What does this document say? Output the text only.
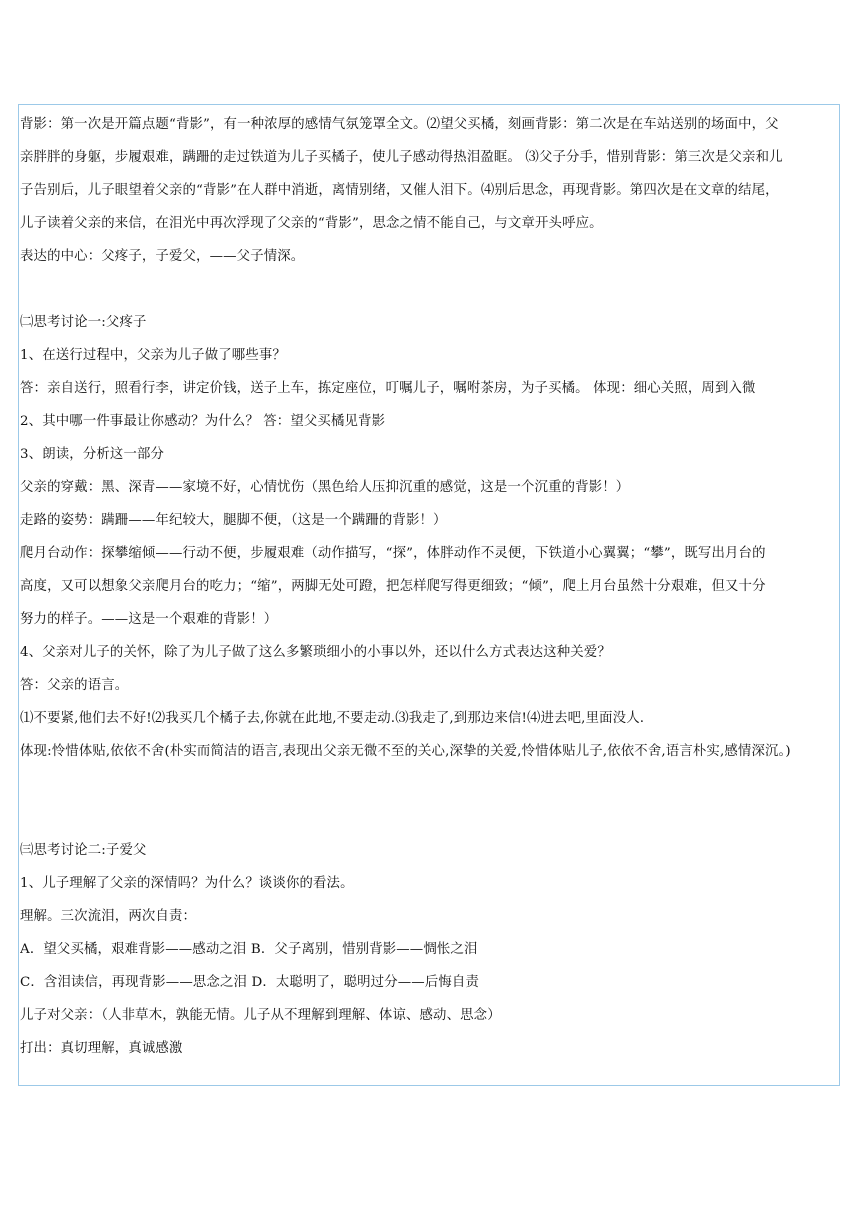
背影：第一次是开篇点题“背影”，有一种浓厚的感情气氛笼罩全文。⑵望父买橘，刻画背影：第二次是在车站送别的场面中，父
亲胖胖的身躯，步履艰难，蹒跚的走过铁道为儿子买橘子，使儿子感动得热泪盈眶。 ⑶父子分手，惜别背影：第三次是父亲和儿
子告别后，儿子眼望着父亲的“背影”在人群中消逝，离情别绪，又催人泪下。⑷别后思念，再现背影。第四次是在文章的结尾，
儿子读着父亲的来信，在泪光中再次浮现了父亲的“背影”，思念之情不能自己，与文章开头呼应。
表达的中心：父疼子，子爱父，——父子情深。
㈡思考讨论一:父疼子
1、在送行过程中，父亲为儿子做了哪些事？
答：亲自送行，照看行李，讲定价钱，送子上车，拣定座位，叮嘱儿子，嘱咐茶房，为子买橘。 体现：细心关照，周到入微
2、其中哪一件事最让你感动？为什么？ 答：望父买橘见背影
3、朗读，分析这一部分
父亲的穿戴：黑、深青——家境不好，心情忧伤（黑色给人压抑沉重的感觉，这是一个沉重的背影！）
走路的姿势：蹒跚——年纪较大，腿脚不便，（这是一个蹒跚的背影！）
爬月台动作：探攀缩倾——行动不便，步履艰难（动作描写，“探”，体胖动作不灵便，下铁道小心翼翼；“攀”，既写出月台的
高度，又可以想象父亲爬月台的吃力；“缩”，两脚无处可蹬，把怎样爬写得更细致；“倾”，爬上月台虽然十分艰难，但又十分
努力的样子。——这是一个艰难的背影！）
4、父亲对儿子的关怀，除了为儿子做了这么多繁琐细小的小事以外，还以什么方式表达这种关爱？
答：父亲的语言。
⑴不要紧,他们去不好!⑵我买几个橘子去,你就在此地,不要走动.⑶我走了,到那边来信!⑷进去吧,里面没人.
体现:怜惜体贴,依依不舍(朴实而简洁的语言,表现出父亲无微不至的关心,深挚的关爱,怜惜体贴儿子,依依不舍,语言朴实,感情深沉。)
㈢思考讨论二:子爱父
1、儿子理解了父亲的深情吗？为什么？谈谈你的看法。
理解。三次流泪，两次自责：
A．望父买橘，艰难背影——感动之泪 B．父子离别，惜别背影——惆怅之泪
C．含泪读信，再现背影——思念之泪 D．太聪明了，聪明过分——后悔自责
儿子对父亲：（人非草木，孰能无情。儿子从不理解到理解、体谅、感动、思念）
打出：真切理解，真诚感激
